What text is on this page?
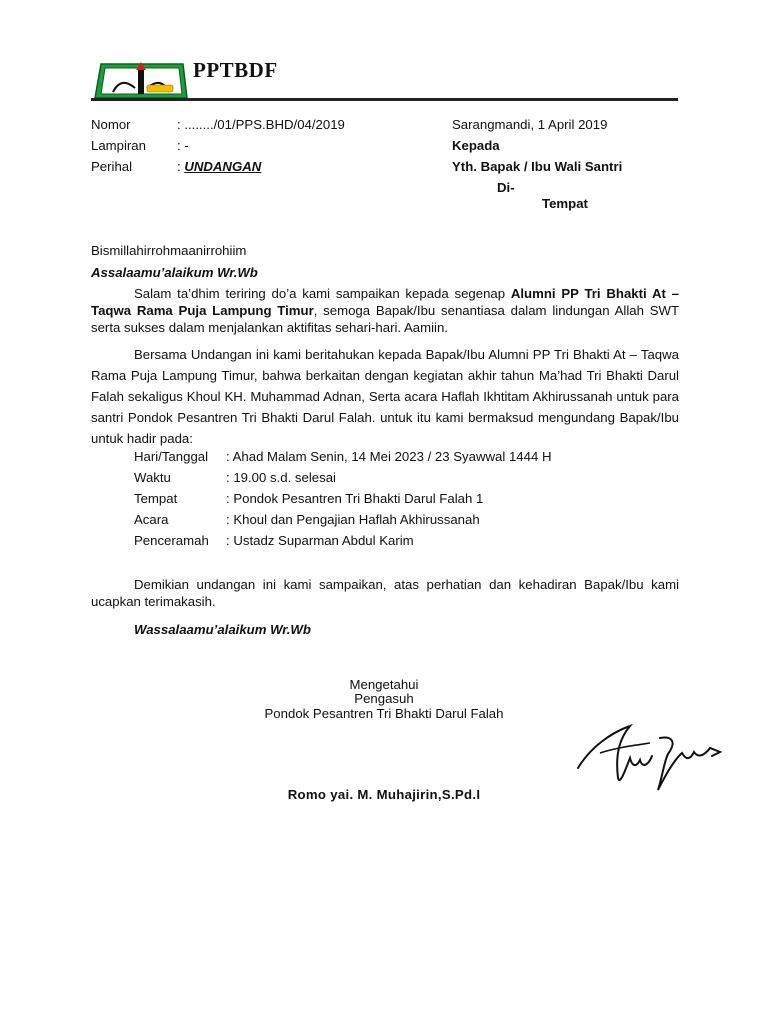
PPTBDF
Nomor	: ......../01/PPS.BHD/04/2019
Lampiran : -
Perihal	: UNDANGAN
Sarangmandi, 1 April 2019
Kepada
Yth. Bapak / Ibu Wali Santri
Di-
Tempat
Bismillahirrohmaanirrohiim
Assalaamu’alaikum Wr.Wb
Salam ta’dhim teriring do’a kami sampaikan kepada segenap Alumni PP Tri Bhakti At – Taqwa Rama Puja Lampung Timur, semoga Bapak/Ibu senantiasa dalam lindungan Allah SWT serta sukses dalam menjalankan aktifitas sehari-hari. Aamiin.
Bersama Undangan ini kami beritahukan kepada Bapak/Ibu Alumni PP Tri Bhakti At – Taqwa Rama Puja Lampung Timur, bahwa berkaitan dengan kegiatan akhir tahun Ma’had Tri Bhakti Darul Falah sekaligus Khoul KH. Muhammad Adnan, Serta acara Haflah Ikhtitam Akhirussanah untuk para santri Pondok Pesantren Tri Bhakti Darul Falah. untuk itu kami bermaksud mengundang Bapak/Ibu untuk hadir pada:
Hari/Tanggal : Ahad Malam Senin, 14 Mei 2023 / 23 Syawwal 1444 H
Waktu	: 19.00 s.d. selesai
Tempat	: Pondok Pesantren Tri Bhakti Darul Falah 1
Acara	: Khoul dan Pengajian Haflah Akhirussanah
Penceramah : Ustadz Suparman Abdul Karim
Demikian undangan ini kami sampaikan, atas perhatian dan kehadiran Bapak/Ibu kami ucapkan terimakasih.
Wassalaamu’alaikum Wr.Wb
Mengetahui
Pengasuh
Pondok Pesantren Tri Bhakti Darul Falah
Romo yai. M. Muhajirin,S.Pd.I
